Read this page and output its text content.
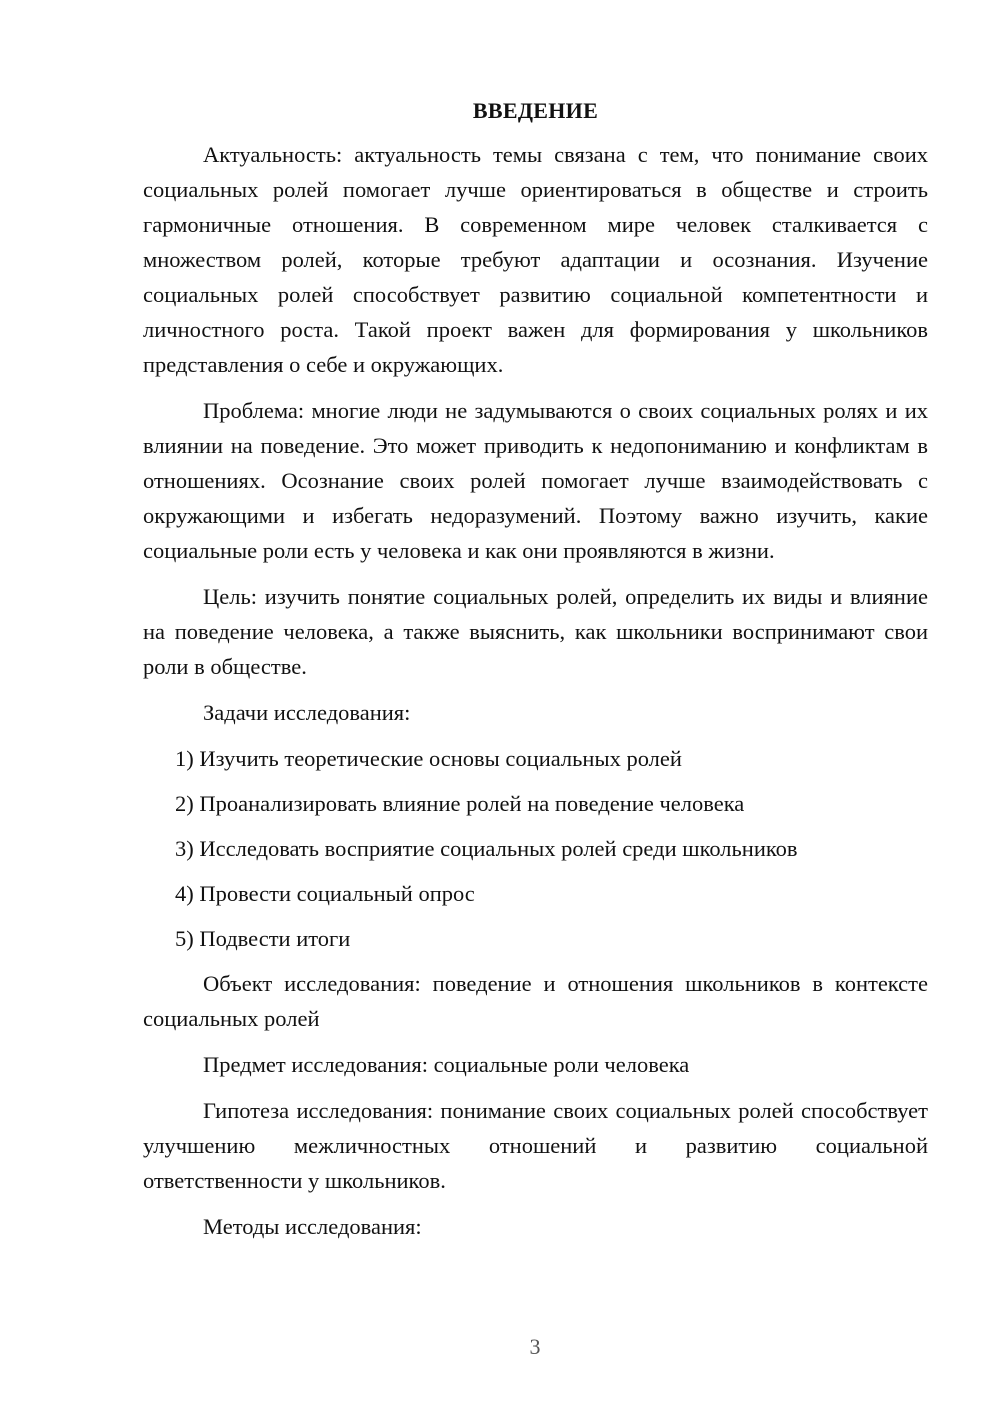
ВВЕДЕНИЕ

Актуальность: актуальность темы связана с тем, что понимание своих социальных ролей помогает лучше ориентироваться в обществе и строить гармоничные отношения. В современном мире человек сталкивается с множеством ролей, которые требуют адаптации и осознания. Изучение социальных ролей способствует развитию социальной компетентности и личностного роста. Такой проект важен для формирования у школьников представления о себе и окружающих.

Проблема: многие люди не задумываются о своих социальных ролях и их влиянии на поведение. Это может приводить к недопониманию и конфликтам в отношениях. Осознание своих ролей помогает лучше взаимодействовать с окружающими и избегать недоразумений. Поэтому важно изучить, какие социальные роли есть у человека и как они проявляются в жизни.

Цель: изучить понятие социальных ролей, определить их виды и влияние на поведение человека, а также выяснить, как школьники воспринимают свои роли в обществе.

Задачи исследования:

1) Изучить теоретические основы социальных ролей
2) Проанализировать влияние ролей на поведение человека
3) Исследовать восприятие социальных ролей среди школьников
4) Провести социальный опрос
5) Подвести итоги

Объект исследования: поведение и отношения школьников в контексте социальных ролей

Предмет исследования: социальные роли человека

Гипотеза исследования: понимание своих социальных ролей способствует улучшению межличностных отношений и развитию социальной ответственности у школьников.

Методы исследования:

3
